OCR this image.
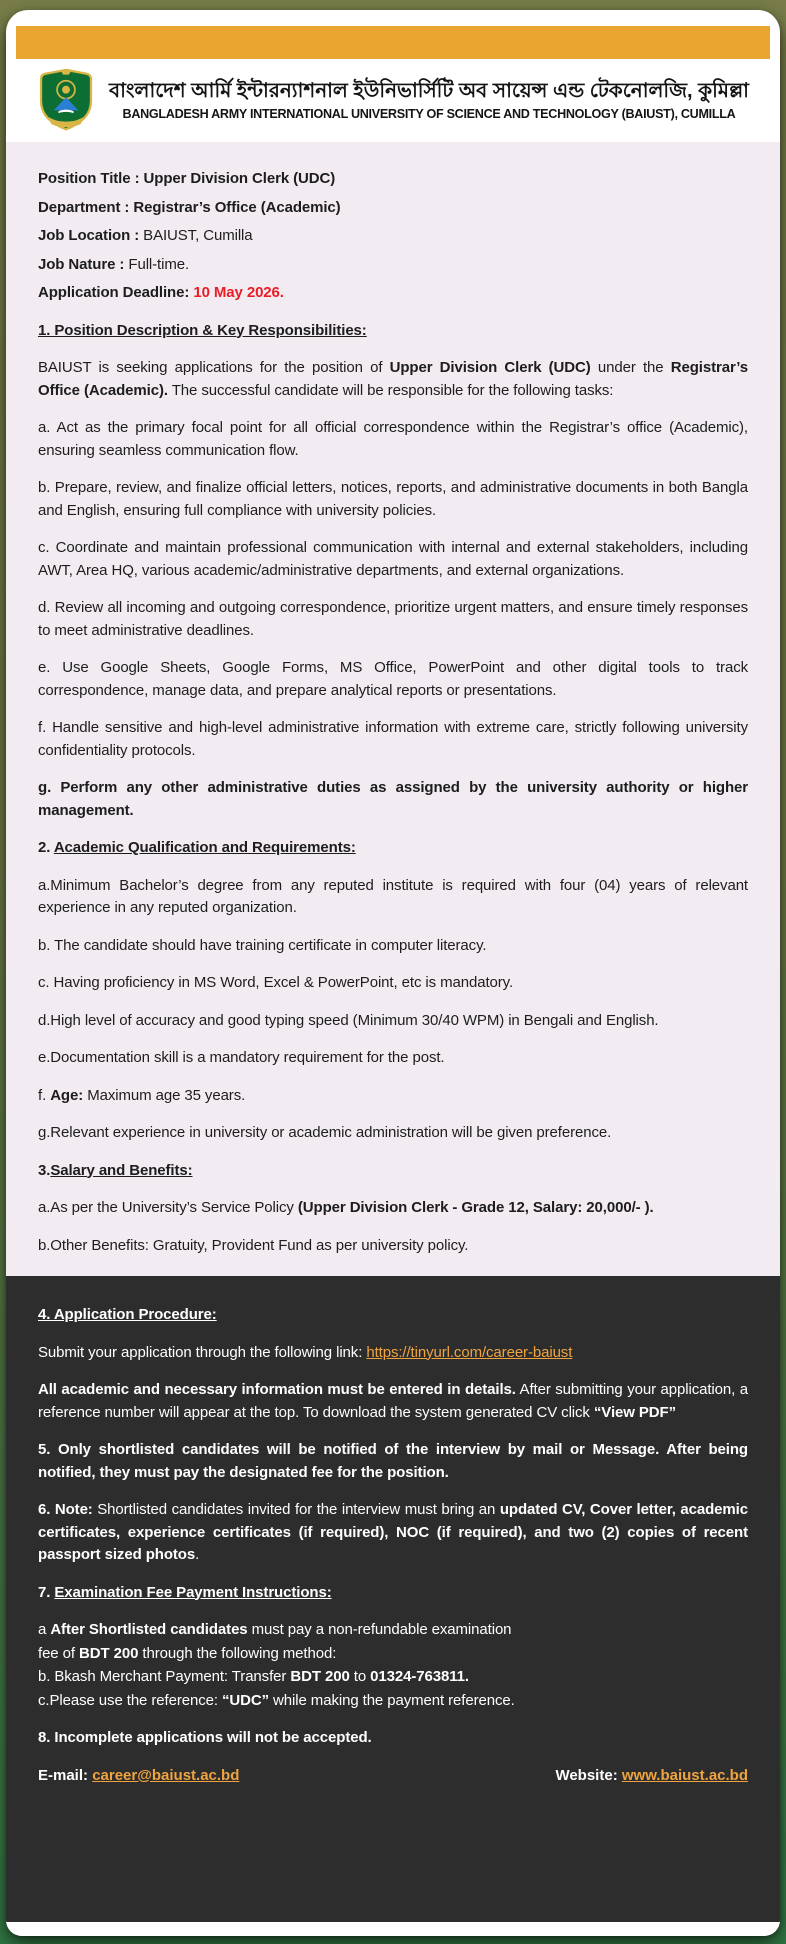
বাংলাদেশ আর্মি ইন্টারন্যাশনাল ইউনিভার্সিটি অব সায়েন্স এন্ড টেকনোলজি, কুমিল্লা
BANGLADESH ARMY INTERNATIONAL UNIVERSITY OF SCIENCE AND TECHNOLOGY (BAIUST), CUMILLA

Position Title : Upper Division Clerk (UDC)

Department : Registrar’s Office (Academic)

Job Location : BAIUST, Cumilla

Job Nature : Full-time.

Application Deadline: 10 May 2026.

1. Position Description & Key Responsibilities:

BAIUST is seeking applications for the position of Upper Division Clerk (UDC) under the Registrar’s Office (Academic). The successful candidate will be responsible for the following tasks:

a. Act as the primary focal point for all official correspondence within the Registrar’s office (Academic), ensuring seamless communication flow.

b. Prepare, review, and finalize official letters, notices, reports, and administrative documents in both Bangla and English, ensuring full compliance with university policies.

c. Coordinate and maintain professional communication with internal and external stakeholders, including AWT, Area HQ, various academic/administrative departments, and external organizations.

d. Review all incoming and outgoing correspondence, prioritize urgent matters, and ensure timely responses to meet administrative deadlines.

e. Use Google Sheets, Google Forms, MS Office, PowerPoint and other digital tools to track correspondence, manage data, and prepare analytical reports or presentations.

f. Handle sensitive and high-level administrative information with extreme care, strictly following university confidentiality protocols.

g. Perform any other administrative duties as assigned by the university authority or higher management.

2. Academic Qualification and Requirements:

a.Minimum Bachelor’s degree from any reputed institute is required with four (04) years of relevant experience in any reputed organization.

b. The candidate should have training certificate in computer literacy.

c. Having proficiency in MS Word, Excel & PowerPoint, etc is mandatory.

d.High level of accuracy and good typing speed (Minimum 30/40 WPM) in Bengali and English.

e.Documentation skill is a mandatory requirement for the post.

f. Age: Maximum age 35 years.

g.Relevant experience in university or academic administration will be given preference.

3.Salary and Benefits:

a.As per the University’s Service Policy (Upper Division Clerk - Grade 12, Salary: 20,000/- ).

b.Other Benefits: Gratuity, Provident Fund as per university policy.

4. Application Procedure:

Submit your application through the following link: https://tinyurl.com/career-baiust

All academic and necessary information must be entered in details. After submitting your application, a reference number will appear at the top. To download the system generated CV click “View PDF”

5. Only shortlisted candidates will be notified of the interview by mail or Message. After being notified, they must pay the designated fee for the position.

6. Note: Shortlisted candidates invited for the interview must bring an updated CV, Cover letter, academic certificates, experience certificates (if required), NOC (if required), and two (2) copies of recent passport sized photos.

7. Examination Fee Payment Instructions:

a After Shortlisted candidates must pay a non-refundable examination

fee of BDT 200 through the following method:

b. Bkash Merchant Payment: Transfer BDT 200 to 01324-763811.

c.Please use the reference: “UDC” while making the payment reference.

8. Incomplete applications will not be accepted.

E-mail: career@baiust.ac.bd	Website: www.baiust.ac.bd
